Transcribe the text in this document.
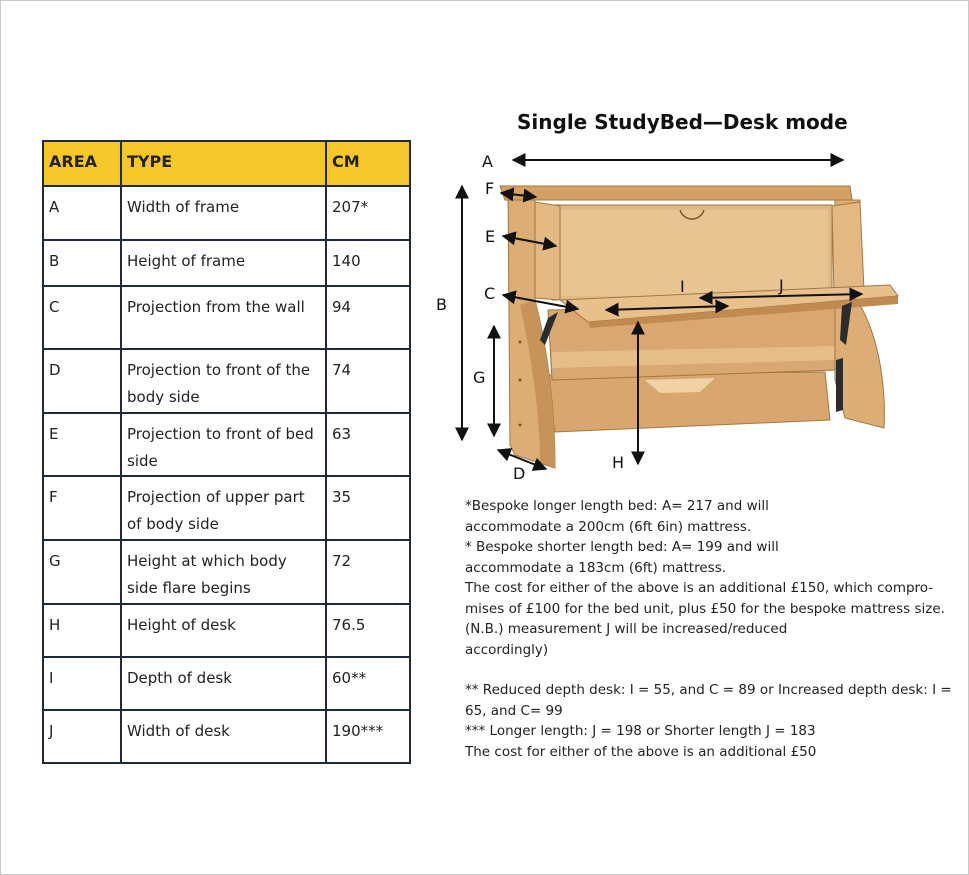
AREA	TYPE	CM
A	Width of frame	207*
B	Height of frame	140
C	Projection from the wall	94
D	Projection to front of the body side	74
E	Projection to front of bed side	63
F	Projection of upper part of body side	35
G	Height at which body side flare begins	72
H	Height of desk	76.5
I	Depth of desk	60**
J	Width of desk	190***
Single StudyBed—Desk mode
A
B
C
D
E
F
G
H
I	J

*Bespoke longer length bed: A= 217 and will

accommodate a 200cm (6ft 6in) mattress.

* Bespoke shorter length bed: A= 199 and will

accommodate a 183cm (6ft) mattress.

The cost for either of the above is an additional £150, which compro-

mises of £100 for the bed unit, plus £50 for the bespoke mattress size.

(N.B.) measurement J will be increased/reduced

accordingly)

** Reduced depth desk: I = 55, and C = 89 or Increased depth desk: I =

65, and C= 99

*** Longer length: J = 198 or Shorter length J = 183

The cost for either of the above is an additional £50
